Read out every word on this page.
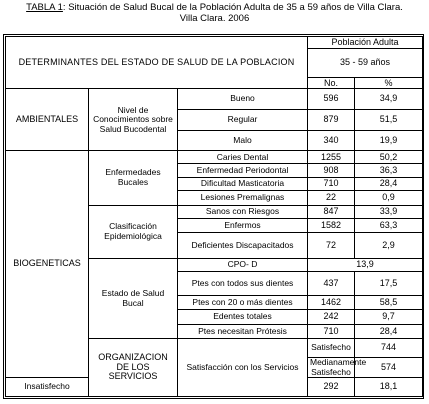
TABLA 1: Situación de Salud Bucal de la Población Adulta de 35 a 59 años de Villa Clara.
Villa Clara. 2006
DETERMINANTES DEL ESTADO DE SALUD DE LA POBLACION			Población Adulta		
			35 - 59 años		
			No.	%	
AMBIENTALES	Nivel de Conocimientos sobre Salud Bucodental	Bueno	596	34,9	
		Regular	879	51,5	
		Malo	340	19,9	
BIOGENETICAS	Enfermedades Bucales	Caries Dental	1255	50,2	
		Enfermedad Periodontal	908	36,3	
		Dificultad Masticatoria	710	28,4	
		Lesiones Premalignas	22	0,9	
	Clasificación Epidemiológica	Sanos con Riesgos	847	33,9	
		Enfermos	1582	63,3	
		Deficientes Discapacitados	72	2,9	
	Estado de Salud Bucal	CPO- D	13,9		
		Ptes con todos sus dientes	437	17,5	
		Ptes con 20 o más dientes	1462	58,5	
		Edentes totales	242	9,7	
		Ptes necesitan Prótesis	710	28,4	
	ORGANIZACION DE LOS SERVICIOS	Satisfacción con los Servicios	Satisfecho	744	
			Medianamente Satisfecho	574	
Insatisfecho			292	18,1	
